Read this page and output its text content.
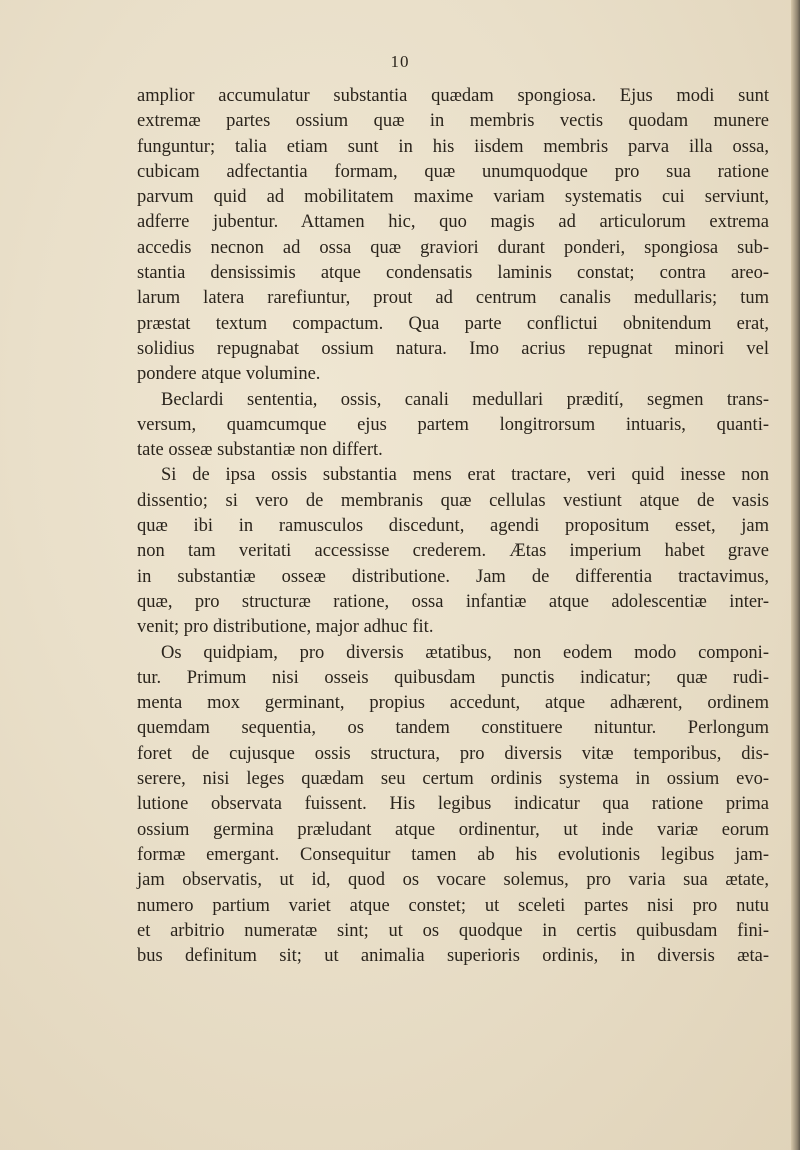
10
amplior accumulatur substantia quædam spongiosa. Ejus modi sunt
extremæ partes ossium quæ in membris vectis quodam munere
funguntur; talia etiam sunt in his iisdem membris parva illa ossa,
cubicam adfectantia formam, quæ unumquodque pro sua ratione
parvum quid ad mobilitatem maxime variam systematis cui serviunt,
adferre jubentur. Attamen hic, quo magis ad articulorum extrema
accedis necnon ad ossa quæ graviori durant ponderi, spongiosa sub-
stantia densissimis atque condensatis laminis constat; contra areo-
larum latera rarefiuntur, prout ad centrum canalis medullaris; tum
præstat textum compactum. Qua parte conflictui obnitendum erat,
solidius repugnabat ossium natura. Imo acrius repugnat minori vel
pondere atque volumine.
Beclardi sententia, ossis, canali medullari prædití, segmen trans-
versum, quamcumque ejus partem longitrorsum intuaris, quanti-
tate osseæ substantiæ non differt.
Si de ipsa ossis substantia mens erat tractare, veri quid inesse non
dissentio; si vero de membranis quæ cellulas vestiunt atque de vasis
quæ ibi in ramusculos discedunt, agendi propositum esset, jam
non tam veritati accessisse crederem. Ætas imperium habet grave
in substantiæ osseæ distributione. Jam de differentia tractavimus,
quæ, pro structuræ ratione, ossa infantiæ atque adolescentiæ inter-
venit; pro distributione, major adhuc fit.
Os quidpiam, pro diversis ætatibus, non eodem modo componi-
tur. Primum nisi osseis quibusdam punctis indicatur; quæ rudi-
menta mox germinant, propius accedunt, atque adhærent, ordinem
quemdam sequentia, os tandem constituere nituntur. Perlongum
foret de cujusque ossis structura, pro diversis vitæ temporibus, dis-
serere, nisi leges quædam seu certum ordinis systema in ossium evo-
lutione observata fuissent. His legibus indicatur qua ratione prima
ossium germina præludant atque ordinentur, ut inde variæ eorum
formæ emergant. Consequitur tamen ab his evolutionis legibus jam-
jam observatis, ut id, quod os vocare solemus, pro varia sua ætate,
numero partium variet atque constet; ut sceleti partes nisi pro nutu
et arbitrio numeratæ sint; ut os quodque in certis quibusdam fini-
bus definitum sit; ut animalia superioris ordinis, in diversis æta-
